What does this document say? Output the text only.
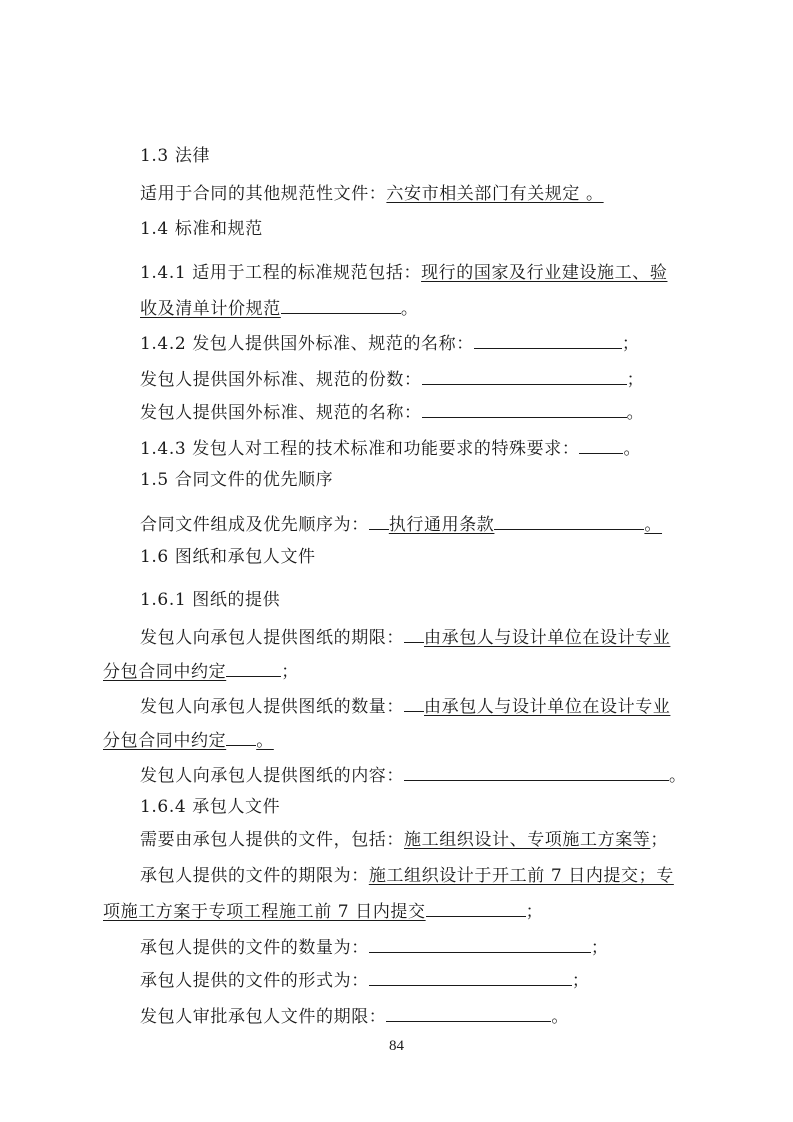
1.3 法律
适用于合同的其他规范性文件：六安市相关部门有关规定 。
1.4 标准和规范
1.4.1 适用于工程的标准规范包括：现行的国家及行业建设施工、验
收及清单计价规范	。
1.4.2 发包人提供国外标准、规范的名称：	；
发包人提供国外标准、规范的份数：	；
发包人提供国外标准、规范的名称：	。
1.4.3 发包人对工程的技术标准和功能要求的特殊要求：	。
1.5 合同文件的优先顺序
合同文件组成及优先顺序为： 执行通用条款	。
1.6 图纸和承包人文件
1.6.1 图纸的提供
发包人向承包人提供图纸的期限： 由承包人与设计单位在设计专业
分包合同中约定	；
发包人向承包人提供图纸的数量： 由承包人与设计单位在设计专业
分包合同中约定 。
发包人向承包人提供图纸的内容：	。
1.6.4 承包人文件
需要由承包人提供的文件，包括：施工组织设计、专项施工方案等；
承包人提供的文件的期限为：施工组织设计于开工前 7 日内提交；专
项施工方案于专项工程施工前 7 日内提交	；
承包人提供的文件的数量为：	；
承包人提供的文件的形式为：	；
发包人审批承包人文件的期限：	。
84
